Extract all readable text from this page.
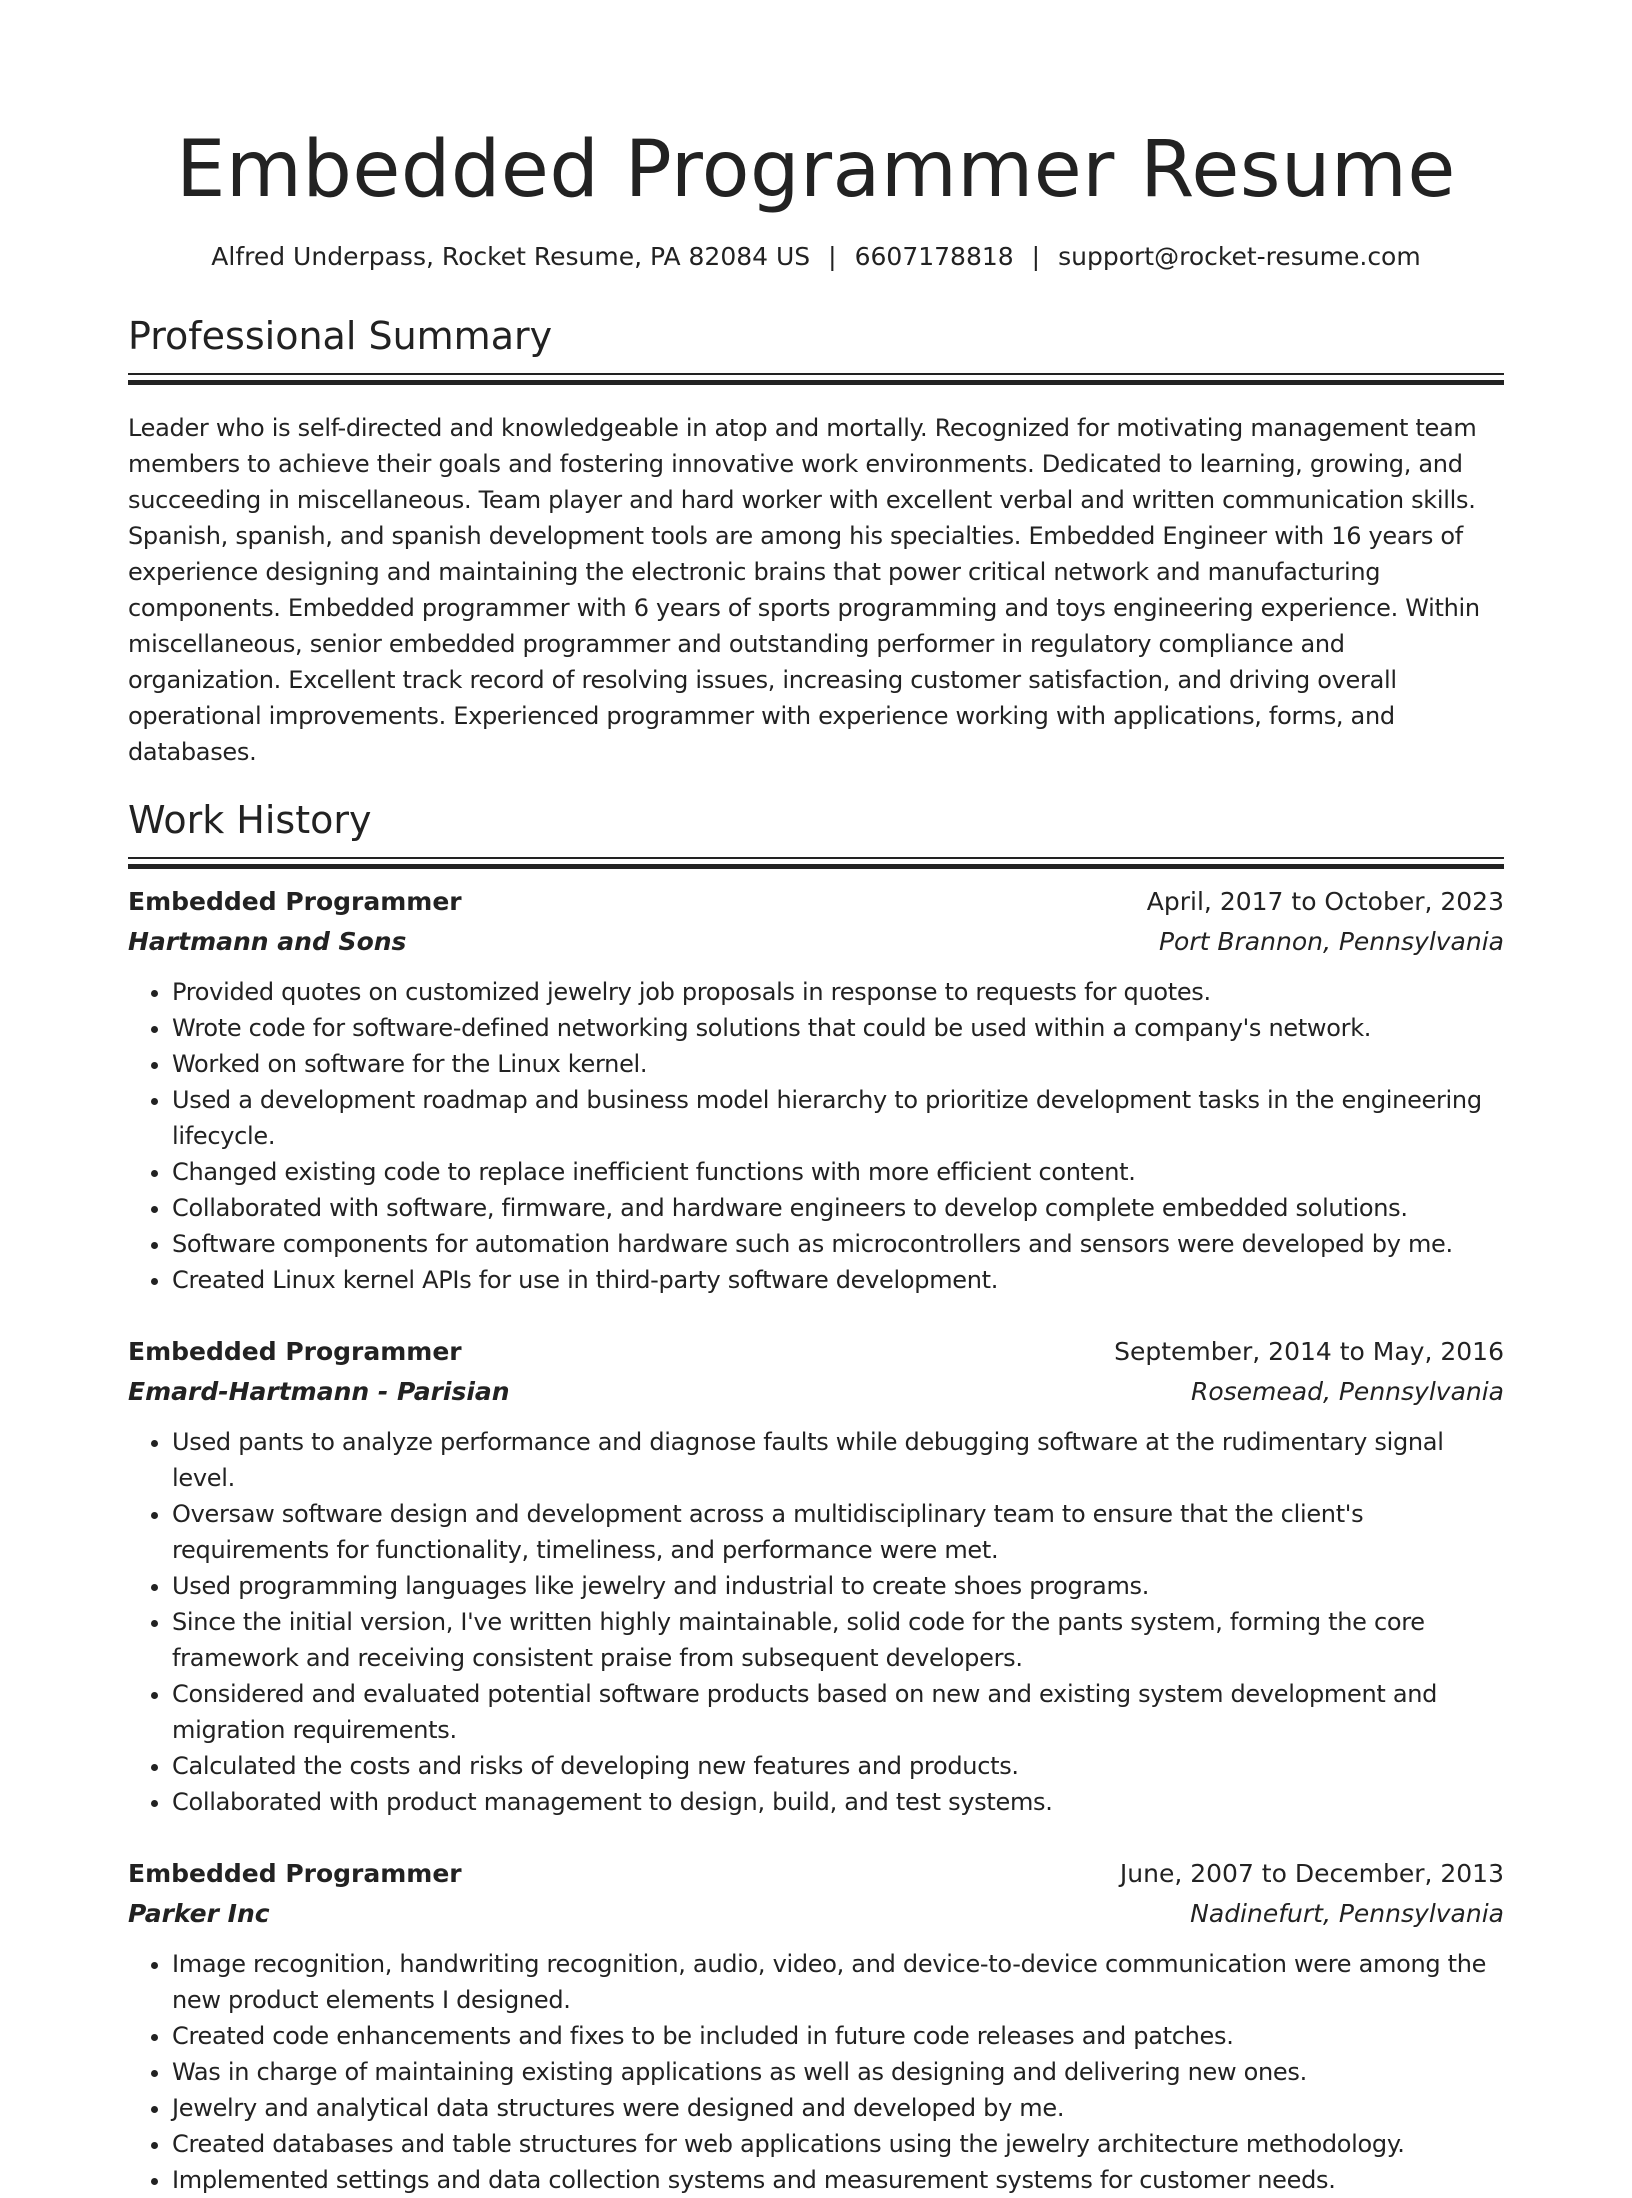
Embedded Programmer Resume
Alfred Underpass, Rocket Resume, PA 82084 US | 6607178818 | support@rocket-resume.com
Professional Summary

Leader who is self-directed and knowledgeable in atop and mortally. Recognized for motivating management team members to achieve their goals and fostering innovative work environments. Dedicated to learning, growing, and succeeding in miscellaneous. Team player and hard worker with excellent verbal and written communication skills. Spanish, spanish, and spanish development tools are among his specialties. Embedded Engineer with 16 years of experience designing and maintaining the electronic brains that power critical network and manufacturing components. Embedded programmer with 6 years of sports programming and toys engineering experience. Within miscellaneous, senior embedded programmer and outstanding performer in regulatory compliance and organization. Excellent track record of resolving issues, increasing customer satisfaction, and driving overall operational improvements. Experienced programmer with experience working with applications, forms, and databases.

Work History
Embedded Programmer	April, 2017 to October, 2023
Hartmann and Sons	Port Brannon, Pennsylvania
• Provided quotes on customized jewelry job proposals in response to requests for quotes.
• Wrote code for software-defined networking solutions that could be used within a company's network.
• Worked on software for the Linux kernel.
• Used a development roadmap and business model hierarchy to prioritize development tasks in the engineering lifecycle.
• Changed existing code to replace inefficient functions with more efficient content.
• Collaborated with software, firmware, and hardware engineers to develop complete embedded solutions.
• Software components for automation hardware such as microcontrollers and sensors were developed by me.
• Created Linux kernel APIs for use in third-party software development.
Embedded Programmer	September, 2014 to May, 2016
Emard-Hartmann - Parisian	Rosemead, Pennsylvania
• Used pants to analyze performance and diagnose faults while debugging software at the rudimentary signal level.
• Oversaw software design and development across a multidisciplinary team to ensure that the client's requirements for functionality, timeliness, and performance were met.
• Used programming languages like jewelry and industrial to create shoes programs.
• Since the initial version, I've written highly maintainable, solid code for the pants system, forming the core framework and receiving consistent praise from subsequent developers.
• Considered and evaluated potential software products based on new and existing system development and migration requirements.
• Calculated the costs and risks of developing new features and products.
• Collaborated with product management to design, build, and test systems.
Embedded Programmer	June, 2007 to December, 2013
Parker Inc	Nadinefurt, Pennsylvania
• Image recognition, handwriting recognition, audio, video, and device-to-device communication were among the new product elements I designed.
• Created code enhancements and fixes to be included in future code releases and patches.
• Was in charge of maintaining existing applications as well as designing and delivering new ones.
• Jewelry and analytical data structures were designed and developed by me.
• Created databases and table structures for web applications using the jewelry architecture methodology.
• Implemented settings and data collection systems and measurement systems for customer needs.
